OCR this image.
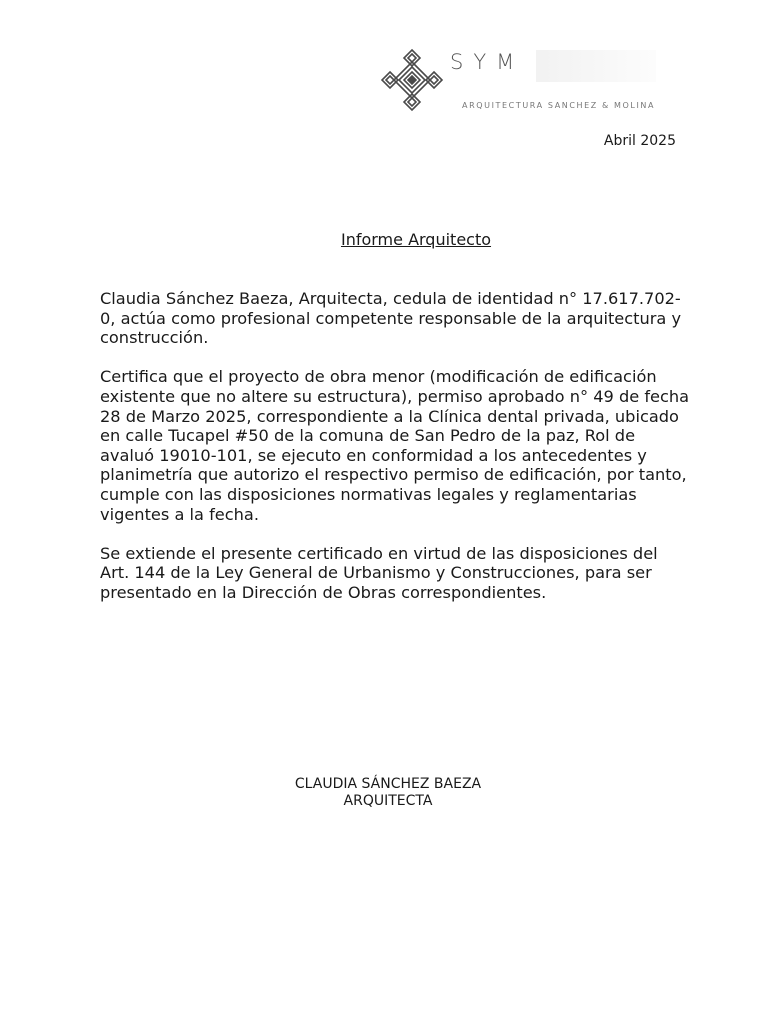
SYM
ARQUITECTURA SANCHEZ & MOLINA
Abril 2025
Informe Arquitecto

Claudia Sánchez Baeza, Arquitecta, cedula de identidad n° 17.617.702-0, actúa como profesional competente responsable de la arquitectura y construcción.

Certifica que el proyecto de obra menor (modificación de edificación existente que no altere su estructura), permiso aprobado n° 49 de fecha 28 de Marzo 2025, correspondiente a la Clínica dental privada, ubicado en calle Tucapel #50 de la comuna de San Pedro de la paz, Rol de avaluó 19010-101, se ejecuto en conformidad a los antecedentes y planimetría que autorizo el respectivo permiso de edificación, por tanto, cumple con las disposiciones normativas legales y reglamentarias vigentes a la fecha.

Se extiende el presente certificado en virtud de las disposiciones del Art. 144 de la Ley General de Urbanismo y Construcciones, para ser presentado en la Dirección de Obras correspondientes.

CLAUDIA SÁNCHEZ BAEZA
ARQUITECTA
